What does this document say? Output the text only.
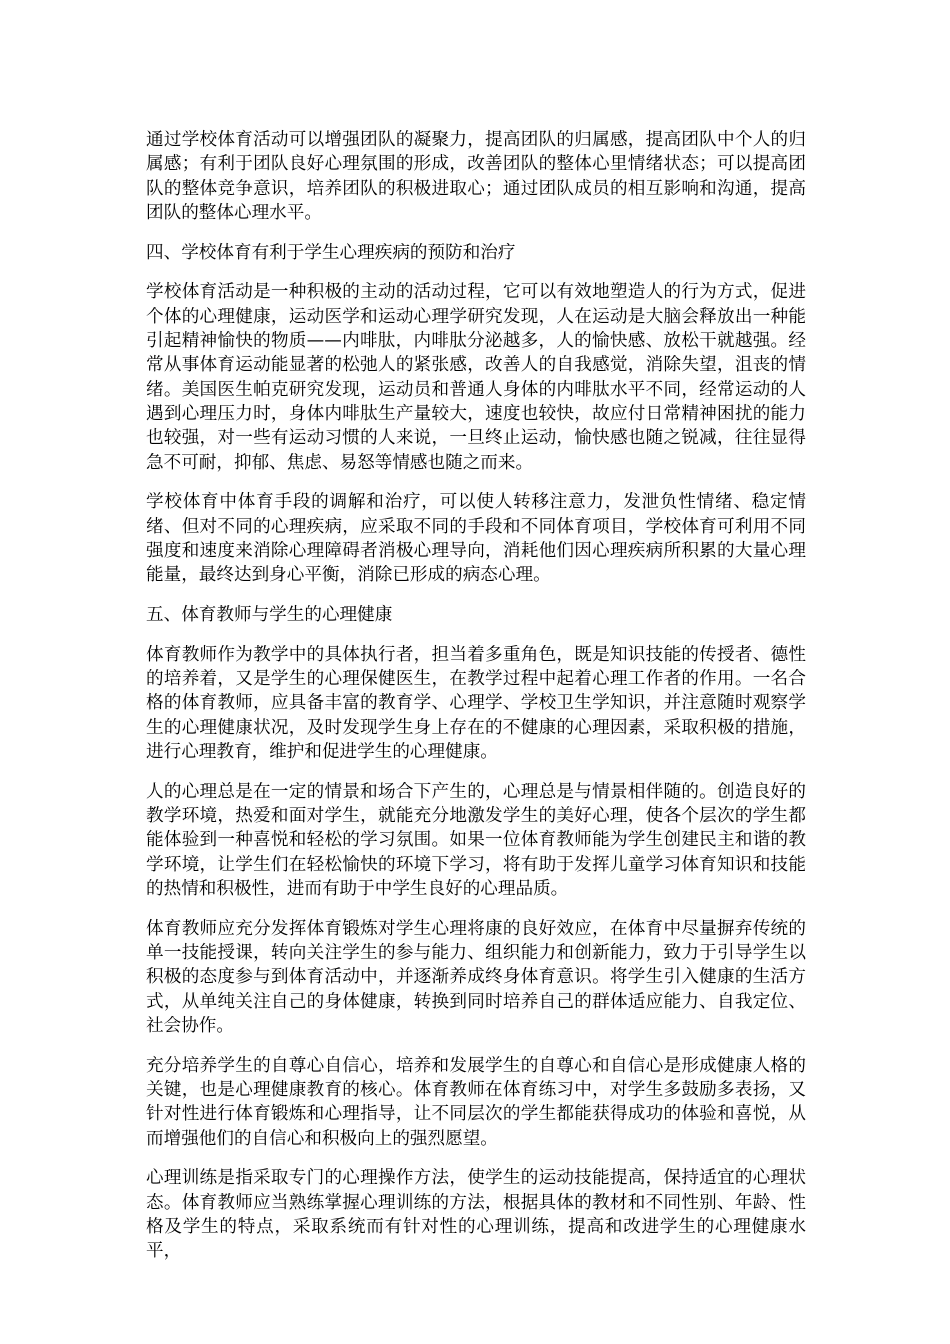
通过学校体育活动可以增强团队的凝聚力，提高团队的归属感，提高团队中个人的归属感；有利于团队良好心理氛围的形成，改善团队的整体心里情绪状态；可以提高团队的整体竞争意识，培养团队的积极进取心；通过团队成员的相互影响和沟通，提高团队的整体心理水平。

四、学校体育有利于学生心理疾病的预防和治疗

学校体育活动是一种积极的主动的活动过程，它可以有效地塑造人的行为方式，促进个体的心理健康，运动医学和运动心理学研究发现，人在运动是大脑会释放出一种能引起精神愉快的物质——内啡肽，内啡肽分泌越多，人的愉快感、放松干就越强。经常从事体育运动能显著的松弛人的紧张感，改善人的自我感觉，消除失望，沮丧的情绪。美国医生帕克研究发现，运动员和普通人身体的内啡肽水平不同，经常运动的人遇到心理压力时，身体内啡肽生产量较大，速度也较快，故应付日常精神困扰的能力也较强，对一些有运动习惯的人来说，一旦终止运动，愉快感也随之锐减，往往显得急不可耐，抑郁、焦虑、易怒等情感也随之而来。

学校体育中体育手段的调解和治疗，可以使人转移注意力，发泄负性情绪、稳定情绪、但对不同的心理疾病，应采取不同的手段和不同体育项目，学校体育可利用不同强度和速度来消除心理障碍者消极心理导向，消耗他们因心理疾病所积累的大量心理能量，最终达到身心平衡，消除已形成的病态心理。

五、体育教师与学生的心理健康

体育教师作为教学中的具体执行者，担当着多重角色，既是知识技能的传授者、德性的培养着，又是学生的心理保健医生，在教学过程中起着心理工作者的作用。一名合格的体育教师，应具备丰富的教育学、心理学、学校卫生学知识，并注意随时观察学生的心理健康状况，及时发现学生身上存在的不健康的心理因素，采取积极的措施，进行心理教育，维护和促进学生的心理健康。

人的心理总是在一定的情景和场合下产生的，心理总是与情景相伴随的。创造良好的教学环境，热爱和面对学生，就能充分地激发学生的美好心理，使各个层次的学生都能体验到一种喜悦和轻松的学习氛围。如果一位体育教师能为学生创建民主和谐的教学环境，让学生们在轻松愉快的环境下学习，将有助于发挥儿童学习体育知识和技能的热情和积极性，进而有助于中学生良好的心理品质。

体育教师应充分发挥体育锻炼对学生心理将康的良好效应，在体育中尽量摒弃传统的单一技能授课，转向关注学生的参与能力、组织能力和创新能力，致力于引导学生以积极的态度参与到体育活动中，并逐渐养成终身体育意识。将学生引入健康的生活方式，从单纯关注自己的身体健康，转换到同时培养自己的群体适应能力、自我定位、社会协作。

充分培养学生的自尊心自信心，培养和发展学生的自尊心和自信心是形成健康人格的关键，也是心理健康教育的核心。体育教师在体育练习中，对学生多鼓励多表扬，又针对性进行体育锻炼和心理指导，让不同层次的学生都能获得成功的体验和喜悦，从而增强他们的自信心和积极向上的强烈愿望。

心理训练是指采取专门的心理操作方法，使学生的运动技能提高，保持适宜的心理状态。体育教师应当熟练掌握心理训练的方法，根据具体的教材和不同性别、年龄、性格及学生的特点，采取系统而有针对性的心理训练，提高和改进学生的心理健康水平，
